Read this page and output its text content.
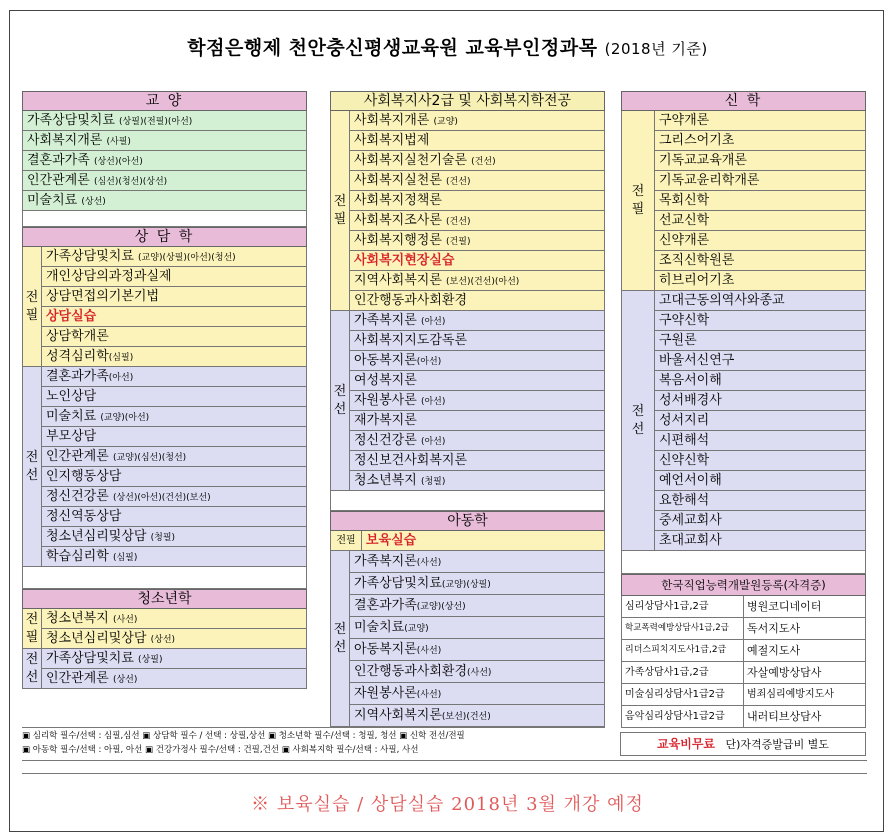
학점은행제 천안충신평생교육원 교육부인정과목 (2018년 기준)
교 양
가족상담및치료 (상필)(전필)(아선)
사회복지개론 (사필)
결혼과가족 (상선)(아선)
인간관계론 (심선)(청선)(상선)
미술치료 (상선)
상 담 학
전필
가족상담및치료 (교양)(상필)(아선)(청선)
개인상담의과정과실제
상담면접의기본기법
상담실습
상담학개론
성격심리학(심필)
전선
결혼과가족(아선)
노인상담
미술치료 (교양)(아선)
부모상담
인간관계론 (교양)(심선)(청선)
인지행동상담
정신건강론 (상선)(아선)(건선)(보선)
정신역동상담
청소년심리및상담 (청필)
학습심리학 (심필)
청소년학
전필
청소년복지 (사선)
청소년심리및상담 (상선)
전선
가족상담및치료 (상필)
인간관계론 (상선)
사회복지사2급 및 사회복지학전공
전필
사회복지개론 (교양)
사회복지법제
사회복지실천기술론 (건선)
사회복지실천론 (건선)
사회복지정책론
사회복지조사론 (건선)
사회복지행정론 (건필)
사회복지현장실습
지역사회복지론 (보선)(건선)(아선)
인간행동과사회환경
전선
가족복지론 (아선)
사회복지지도감독론
아동복지론(아선)
여성복지론
자원봉사론 (아선)
재가복지론
정신건강론 (아선)
정신보건사회복지론
청소년복지 (청필)
아동학
전필 보육실습
전선
가족복지론(사선)
가족상담및치료(교양)(상필)
결혼과가족(교양)(상선)
미술치료(교양)
아동복지론(사선)
인간행동과사회환경(사선)
자원봉사론(사선)
지역사회복지론(보선)(건선)
신 학
전필
구약개론
그리스어기초
기독교교육개론
기독교윤리학개론
목회신학
선교신학
신약개론
조직신학원론
히브리어기초
전선
고대근동의역사와종교
구약신학
구원론
바울서신연구
복음서이해
성서배경사
성서지리
시편해석
신약신학
예언서이해
요한해석
중세교회사
초대교회사
한국직업능력개발원등록(자격증)
심리상담사1급,2급	병원코디네이터
학교폭력예방상담사1급,2급	독서지도사
리더스피치지도사1급,2급	예절지도사
가족상담사1급,2급	자살예방상담사
미술심리상담사1급2급	범죄심리예방지도사
음악심리상담사1급2급	내러티브상담사
교육비무료 단)자격증발급비 별도
▣ 심리학 필수/선택 : 심필,심선 ▣ 상담학 필수 / 선택 : 상필,상선 ▣ 청소년학 필수/선택 : 청필, 청선 ▣ 신학 전선/전필
▣ 아동학 필수/선택 : 아필, 아선 ▣ 건강가정사 필수/선택 : 건필,건선 ▣ 사회복지학 필수/선택 : 사필, 사선
※ 보육실습 / 상담실습 2018년 3월 개강 예정
